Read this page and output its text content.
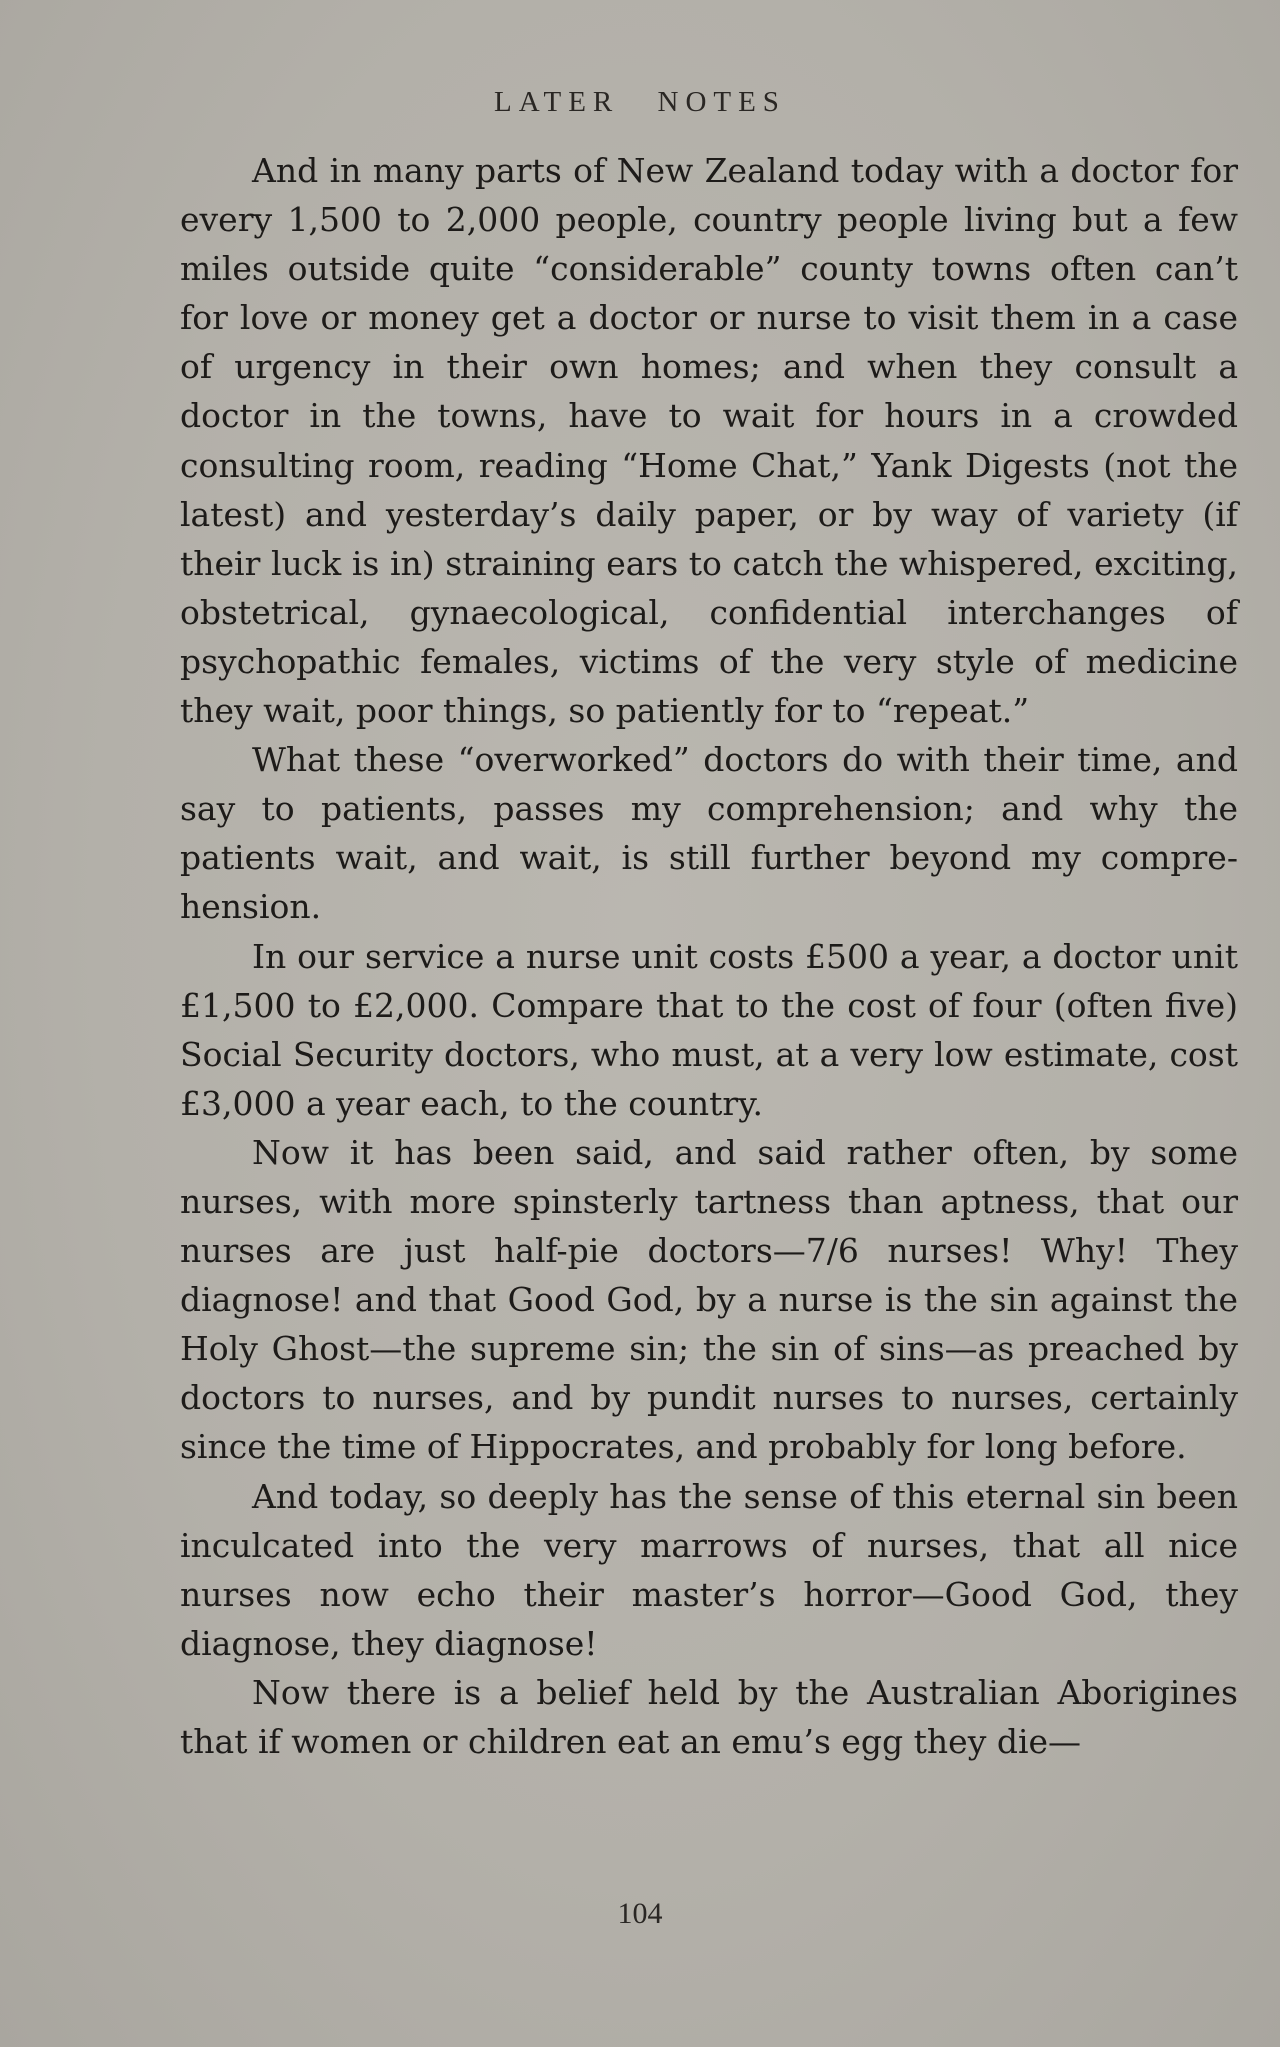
LATER NOTES

And in many parts of New Zealand today with a doctor for every 1,500 to 2,000 people, country people living but a few miles outside quite “considerable” county towns often can’t for love or money get a doctor or nurse to visit them in a case of urgency in their own homes; and when they consult a doctor in the towns, have to wait for hours in a crowded consulting room, reading “Home Chat,” Yank Digests (not the latest) and yesterday’s daily paper, or by way of variety (if their luck is in) straining ears to catch the whispered, exciting, obstetrical, gynaecological, confidential interchanges of psychopathic females, victims of the very style of medicine they wait, poor things, so patiently for to “repeat.”

What these “overworked” doctors do with their time, and say to patients, passes my comprehension; and why the patients wait, and wait, is still further beyond my comprehension.

In our service a nurse unit costs £500 a year, a doctor unit £1,500 to £2,000. Compare that to the cost of four (often five) Social Security doctors, who must, at a very low estimate, cost £3,000 a year each, to the country.

Now it has been said, and said rather often, by some nurses, with more spinsterly tartness than aptness, that our nurses are just half-pie doctors—7/6 nurses! Why! They diagnose! and that Good God, by a nurse is the sin against the Holy Ghost—the supreme sin; the sin of sins—as preached by doctors to nurses, and by pundit nurses to nurses, certainly since the time of Hippocrates, and probably for long before.

And today, so deeply has the sense of this eternal sin been inculcated into the very marrows of nurses, that all nice nurses now echo their master’s horror—Good God, they diagnose, they diagnose!

Now there is a belief held by the Australian Aborigines that if women or children eat an emu’s egg they die—

104
